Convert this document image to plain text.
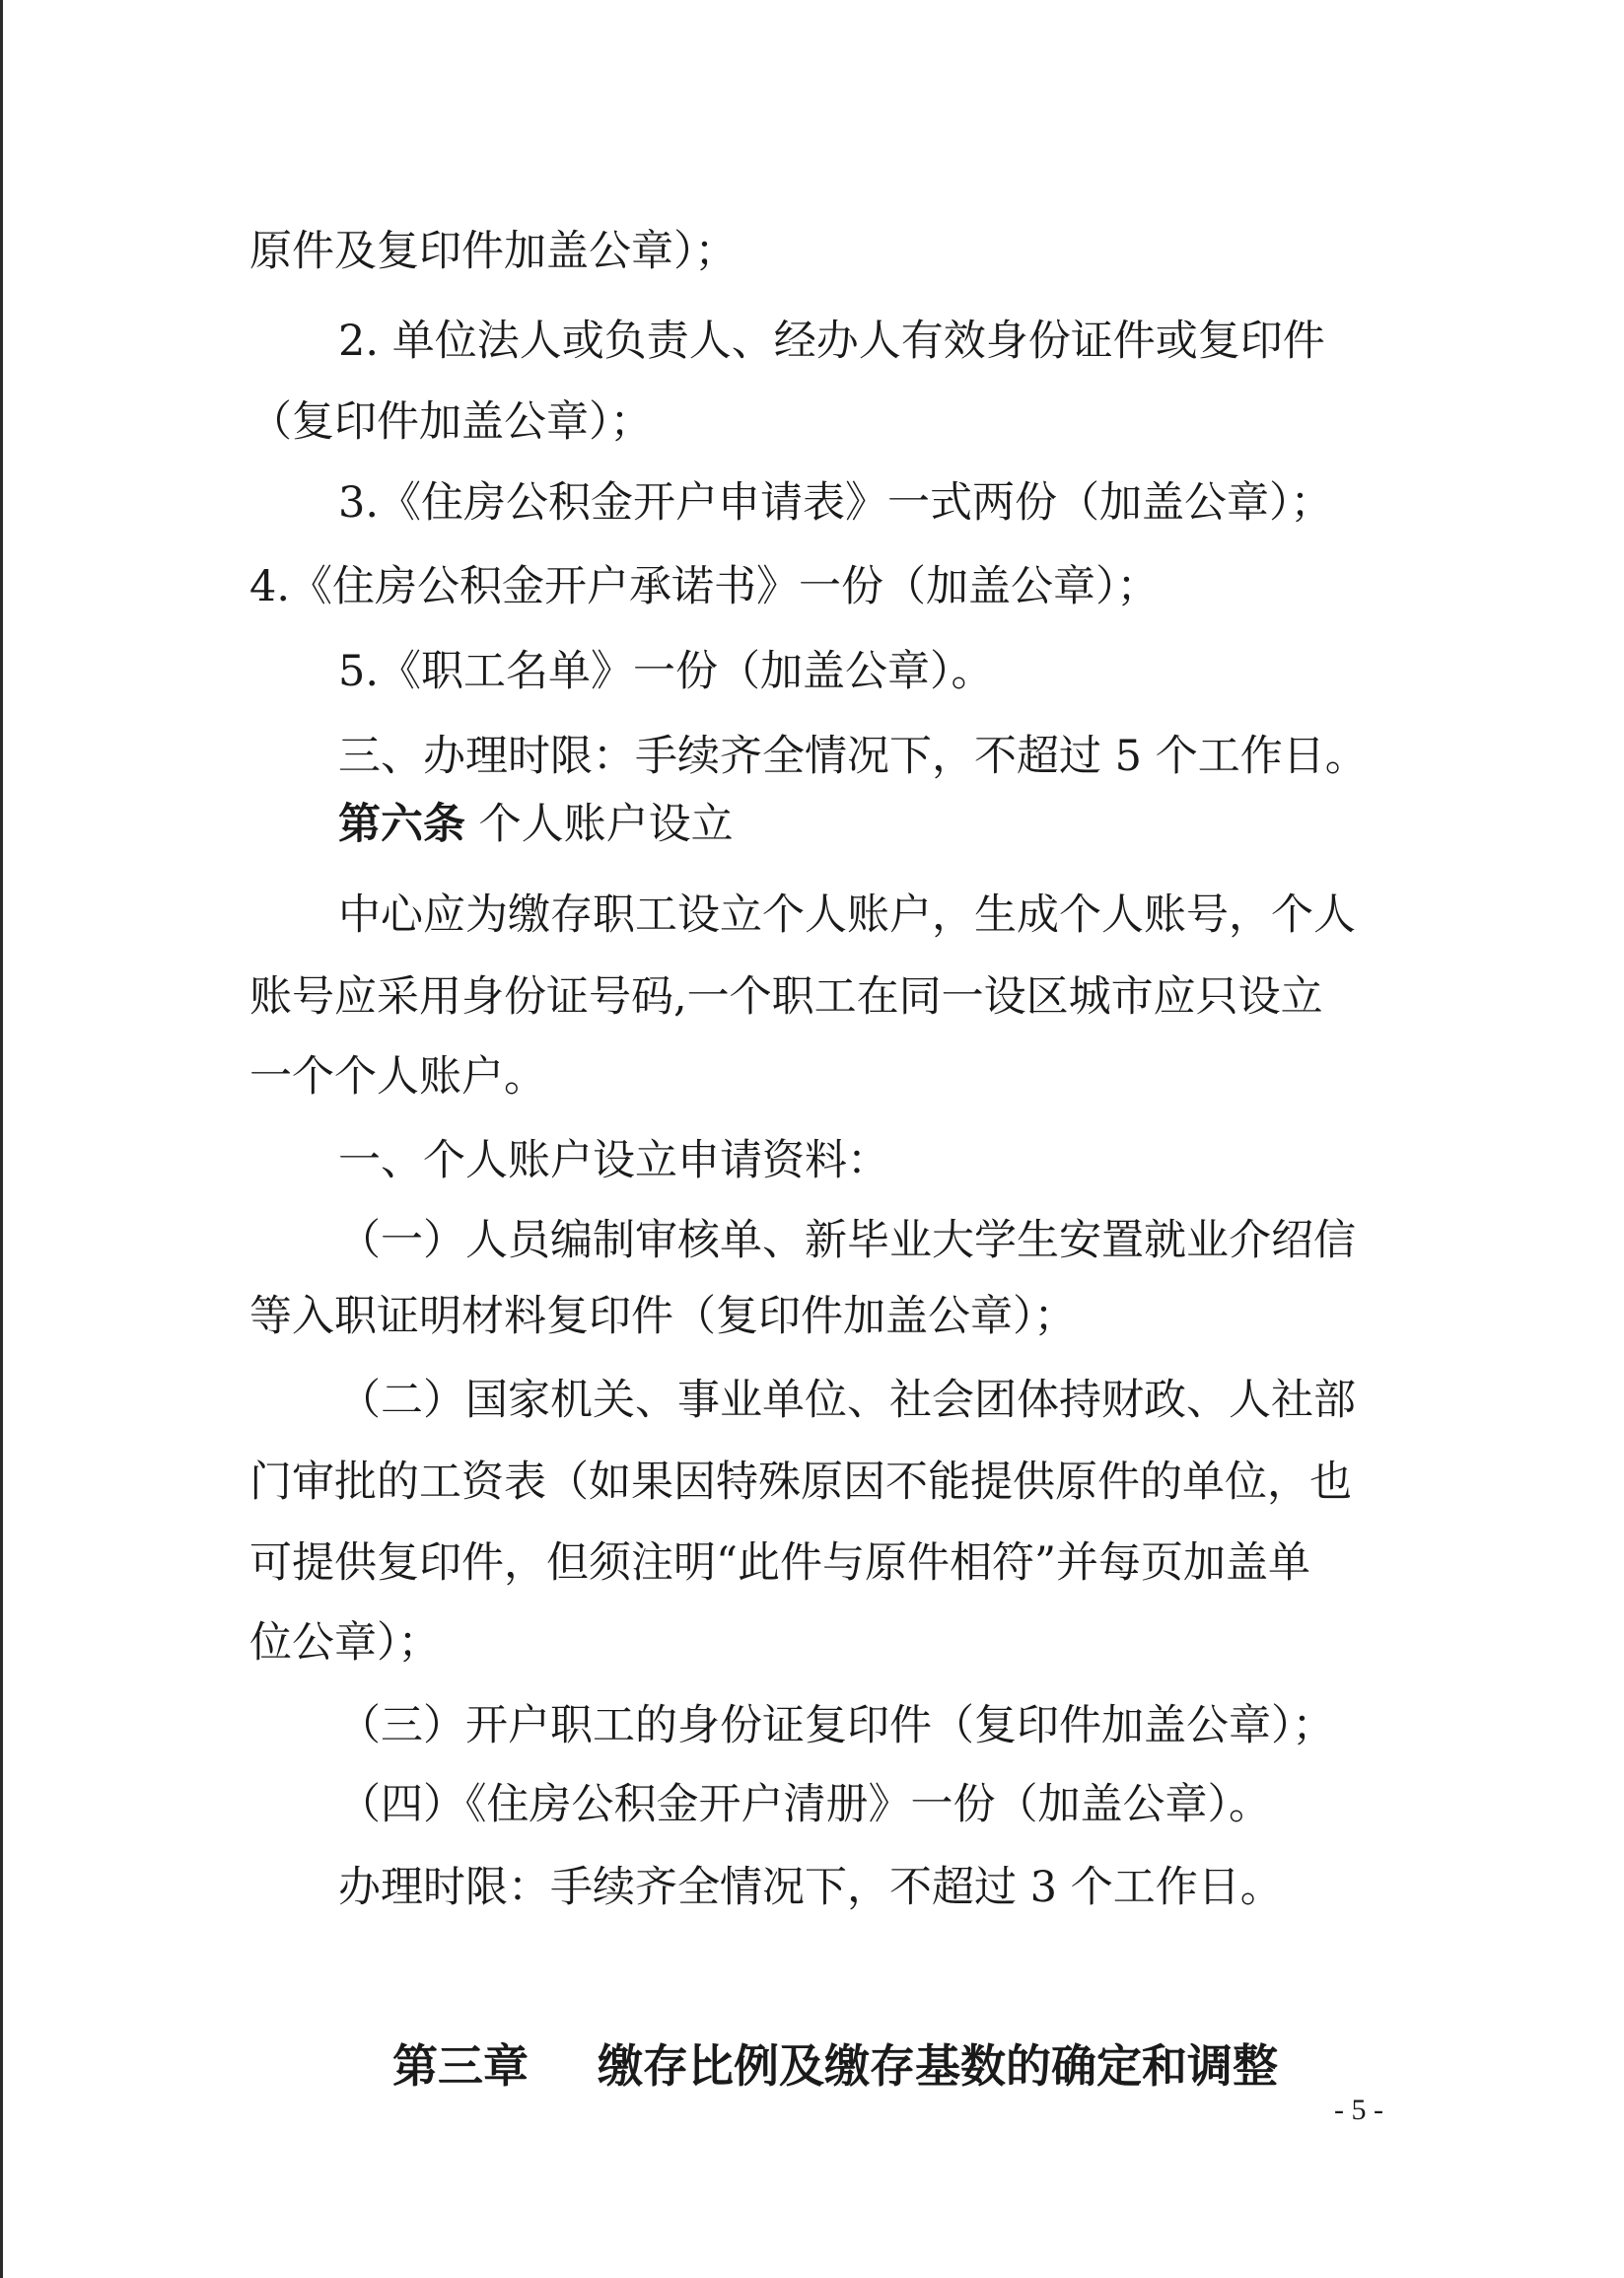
原件及复印件加盖公章）；
2. 单位法人或负责人、经办人有效身份证件或复印件
（复印件加盖公章）；
3.《住房公积金开户申请表》一式两份（加盖公章）；
4.《住房公积金开户承诺书》一份（加盖公章）；
5.《职工名单》一份（加盖公章）。
三、办理时限：手续齐全情况下，不超过 5 个工作日。
第六条 个人账户设立
中心应为缴存职工设立个人账户，生成个人账号，个人
账号应采用身份证号码,一个职工在同一设区城市应只设立
一个个人账户。
一、个人账户设立申请资料：
（一）人员编制审核单、新毕业大学生安置就业介绍信
等入职证明材料复印件（复印件加盖公章）；
（二）国家机关、事业单位、社会团体持财政、人社部
门审批的工资表（如果因特殊原因不能提供原件的单位，也
可提供复印件，但须注明“此件与原件相符”并每页加盖单
位公章）；
（三）开户职工的身份证复印件（复印件加盖公章）；
（四）《住房公积金开户清册》一份（加盖公章）。
办理时限：手续齐全情况下，不超过 3 个工作日。
第三章 缴存比例及缴存基数的确定和调整
- 5 -
